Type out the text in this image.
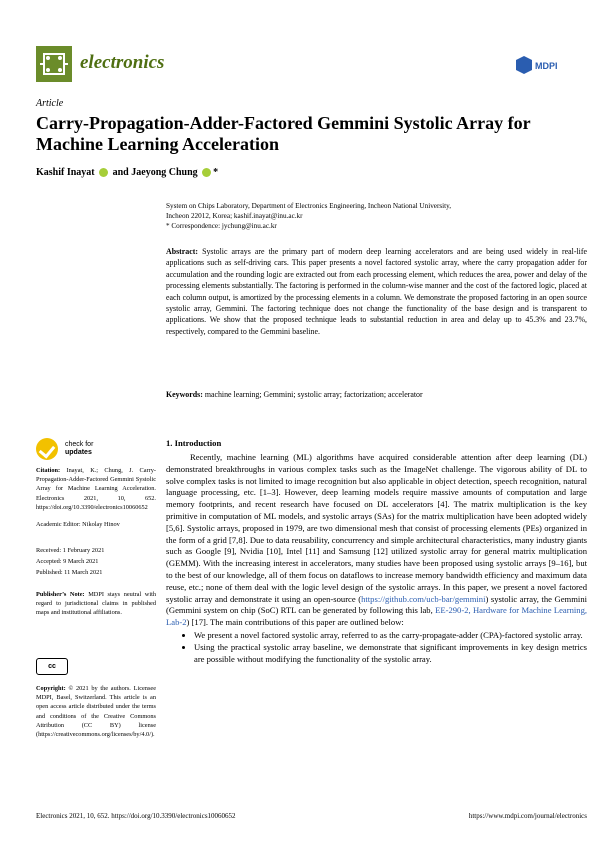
electronics	MDPI
Article
Carry-Propagation-Adder-Factored Gemmini Systolic Array for Machine Learning Acceleration
Kashif Inayat and Jaeyong Chung *
System on Chips Laboratory, Department of Electronics Engineering, Incheon National University,
Incheon 22012, Korea; kashif.inayat@inu.ac.kr
* Correspondence: jychung@inu.ac.kr
Abstract: Systolic arrays are the primary part of modern deep learning accelerators and are being used widely in real-life applications such as self-driving cars. This paper presents a novel factored systolic array, where the carry propagation adder for accumulation and the rounding logic are extracted out from each processing element, which reduces the area, power and delay of the processing elements substantially. The factoring is performed in the column-wise manner and the cost of the factored logic, placed at each column output, is amortized by the processing elements in a column. We demonstrate the proposed factoring in an open source systolic array, Gemmini. The factoring technique does not change the functionality of the base design and is transparent to applications. We show that the proposed technique leads to substantial reduction in area and delay up to 45.3% and 23.7%, respectively, compared to the Gemmini baseline.
Keywords: machine learning; Gemmini; systolic array; factorization; accelerator
check for
updates
Citation: Inayat, K.; Chung, J. Carry-Propagation-Adder-Factored Gemmini Systolic Array for Machine Learning Acceleration. Electronics 2021, 10, 652. https://doi.org/10.3390/electronics10060652
Academic Editor: Nikolay Hinov
Received: 1 February 2021
Accepted: 9 March 2021
Published: 11 March 2021
Publisher’s Note: MDPI stays neutral with regard to jurisdictional claims in published maps and institutional affiliations.
cc
Copyright: © 2021 by the authors. Licensee MDPI, Basel, Switzerland. This article is an open access article distributed under the terms and conditions of the Creative Commons Attribution (CC BY) license (https://creativecommons.org/licenses/by/4.0/).
1. Introduction

Recently, machine learning (ML) algorithms have acquired considerable attention after deep learning (DL) demonstrated breakthroughs in various complex tasks such as the ImageNet challenge. The vigorous ability of DL to solve complex tasks is not limited to image recognition but also applicable in object detection, speech recognition, natural language processing, etc. [1–3]. However, deep learning models require massive amounts of computation and large memory footprints, and recent research have focused on DL accelerators [4]. The matrix multiplication is the key primitive in computation of ML models, and systolic arrays (SAs) for the matrix multiplication have been adopted widely [5,6]. Systolic arrays, proposed in 1979, are two dimensional mesh that consist of processing elements (PEs) organized in the form of a grid [7,8]. Due to data reusability, concurrency and simple architectural characteristics, many industry giants such as Google [9], Nvidia [10], Intel [11] and Samsung [12] utilized systolic array for general matrix multiplication (GEMM). With the increasing interest in accelerators, many studies have been proposed using systolic arrays [9–16], but to the best of our knowledge, all of them focus on dataflows to increase memory bandwidth efficiency and maximum data reuse, etc.; none of them deal with the logic level design of the systolic arrays. In this paper, we present a novel factored systolic array and demonstrate it using an open-source (https://github.com/ucb-bar/gemmini) systolic array, the Gemmini (Gemmini system on chip (SoC) RTL can be generated by following this lab, EE-290-2, Hardware for Machine Learning, Lab-2) [17]. The main contributions of this paper are outlined below:

• We present a novel factored systolic array, referred to as the carry-propagate-adder (CPA)-factored systolic array.
• Using the practical systolic array baseline, we demonstrate that significant improvements in key design metrics are possible without modifying the functionality of the systolic array.
Electronics 2021, 10, 652. https://doi.org/10.3390/electronics10060652	https://www.mdpi.com/journal/electronics
